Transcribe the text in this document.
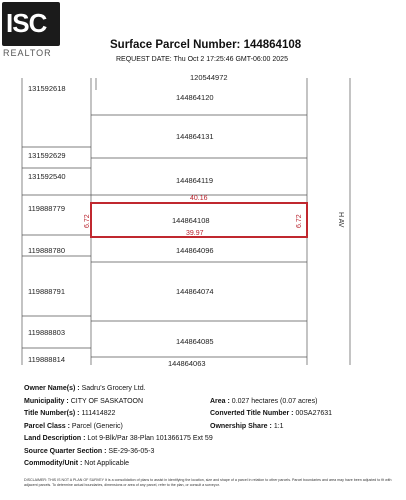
ISC
REALTOR
Surface Parcel Number: 144864108
REQUEST DATE: Thu Oct 2 17:25:46 GMT-06:00 2025
120544972
144864120
144864131
144864119
144864108
144864096
144864074
144864085
144864063
131592618
131592629
131592540
119888779
119888780
119888791
119888803
119888814
40.16
39.97
6.72	6.72	H AV
Owner Name(s) : Sadru's Grocery Ltd.
Municipality : CITY OF SASKATOON	Area : 0.027 hectares (0.07 acres)
Title Number(s) : 111414822	Converted Title Number : 00SA27631
Parcel Class : Parcel (Generic)	Ownership Share : 1:1
Land Description : Lot 9-Blk/Par 38-Plan 101366175 Ext 59
Source Quarter Section : SE-29-36-05-3
Commodity/Unit : Not Applicable
DISCLAIMER: THIS IS NOT A PLAN OF SURVEY It is a consolidation of plans to assist in identifying the location, size and shape of a parcel in relation to other parcels. Parcel boundaries and area may have been adjusted to fit with adjacent parcels. To determine actual boundaries, dimensions or area of any parcel, refer to the plan, or consult a surveyor.
